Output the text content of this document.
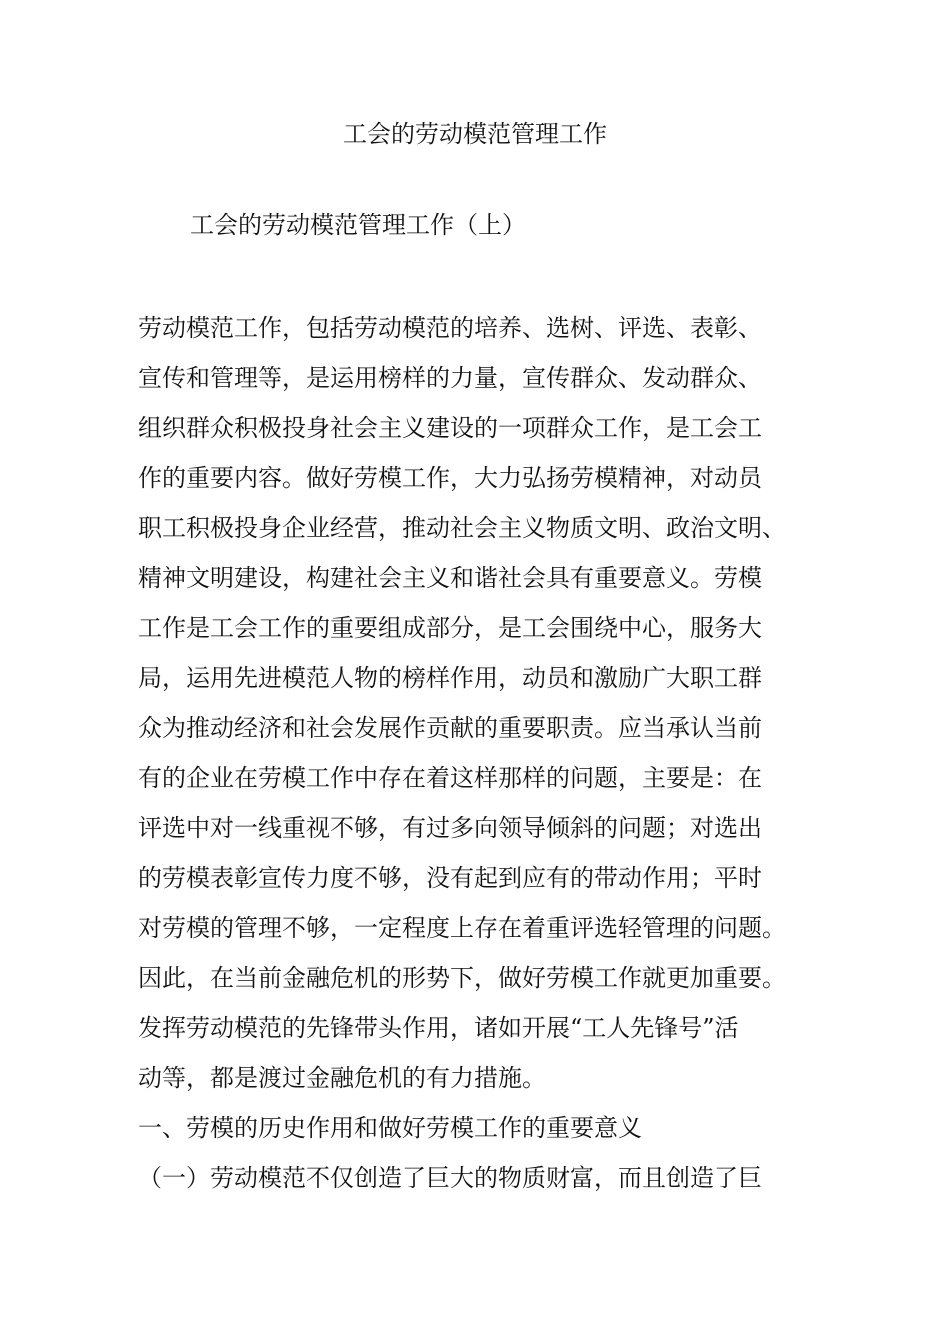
工会的劳动模范管理工作
工会的劳动模范管理工作（上）

劳动模范工作，包括劳动模范的培养、选树、评选、表彰、

宣传和管理等，是运用榜样的力量，宣传群众、发动群众、

组织群众积极投身社会主义建设的一项群众工作，是工会工

作的重要内容。做好劳模工作，大力弘扬劳模精神，对动员

职工积极投身企业经营，推动社会主义物质文明、政治文明、

精神文明建设，构建社会主义和谐社会具有重要意义。劳模

工作是工会工作的重要组成部分，是工会围绕中心，服务大

局，运用先进模范人物的榜样作用，动员和激励广大职工群

众为推动经济和社会发展作贡献的重要职责。应当承认当前

有的企业在劳模工作中存在着这样那样的问题，主要是：在

评选中对一线重视不够，有过多向领导倾斜的问题；对选出

的劳模表彰宣传力度不够，没有起到应有的带动作用；平时

对劳模的管理不够，一定程度上存在着重评选轻管理的问题。

因此，在当前金融危机的形势下，做好劳模工作就更加重要。

发挥劳动模范的先锋带头作用，诸如开展“工人先锋号”活

动等，都是渡过金融危机的有力措施。

一、劳模的历史作用和做好劳模工作的重要意义

（一）劳动模范不仅创造了巨大的物质财富，而且创造了巨
